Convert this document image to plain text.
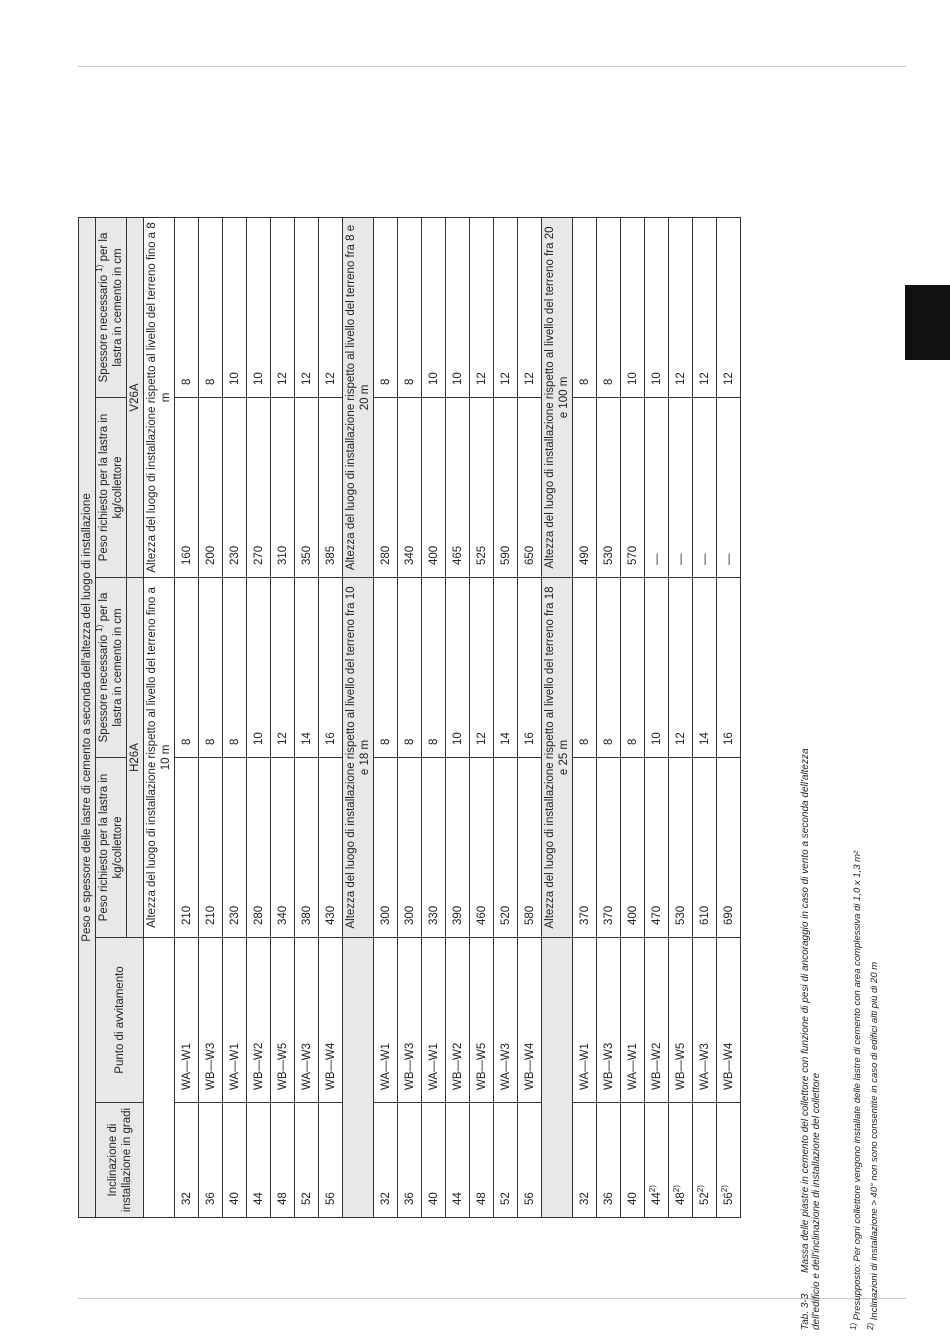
Peso e spessore delle lastre di cemento a seconda dell'altezza del luogo di installazione					
Inclinazione di installazione in gradi	Punto di avvitamento	Peso richiesto per la lastra in kg/collettore	Spessore necessario $^{1)}$ per la lastra in cemento in cm	Peso richiesto per la lastra in kg/collettore	Spessore necessario $^{1)}$ per la lastra in cemento in cm
		H26A		V26A	
		Altezza del luogo di installazione rispetto al livello del terreno fino a 10 m		Altezza del luogo di installazione rispetto al livello del terreno fino a 8 m	
32	WA—W1	210	8	160	8
36	WB—W3	210	8	200	8
40	WA—W1	230	8	230	10
44	WB—W2	280	10	270	10
48	WB—W5	340	12	310	12
52	WA—W3	380	14	350	12
56	WB—W4	430	16	385	12
		Altezza del luogo di installazione rispetto al livello del terreno fra 10 e 18 m		Altezza del luogo di installazione rispetto al livello del terreno fra 8 e 20 m	
32	WA—W1	300	8	280	8
36	WB—W3	300	8	340	8
40	WA—W1	330	8	400	10
44	WB—W2	390	10	465	10
48	WB—W5	460	12	525	12
52	WA—W3	520	14	590	12
56	WB—W4	580	16	650	12
		Altezza del luogo di installazione rispetto al livello del terreno fra 18 e 25 m		Altezza del luogo di installazione rispetto al livello del terreno fra 20 e 100 m	
32	WA—W1	370	8	490	8
36	WB—W3	370	8	530	8
40	WA—W1	400	8	570	10
44$^{2)}$	WB—W2	470	10	—	10
48$^{2)}$	WB—W5	530	12	—	12
52$^{2)}$	WA—W3	610	14	—	12
56$^{2)}$	WB—W4	690	16	—	12
Tab. 3-3 Massa delle piastre in cemento del collettore con funzione di pesi di ancoraggio in caso di vento a seconda dell'altezza dell'edificio e dell'inclinazione di installazione del collettore	$^{1)}$ Presupposto: Per ogni collettore vengono installate delle lastre di cemento con area complessiva di 1,0 x 1,3 m²
$^{2)}$ Inclinazioni di installazione > 40° non sono consentite in caso di edifici alti più di 20 m
